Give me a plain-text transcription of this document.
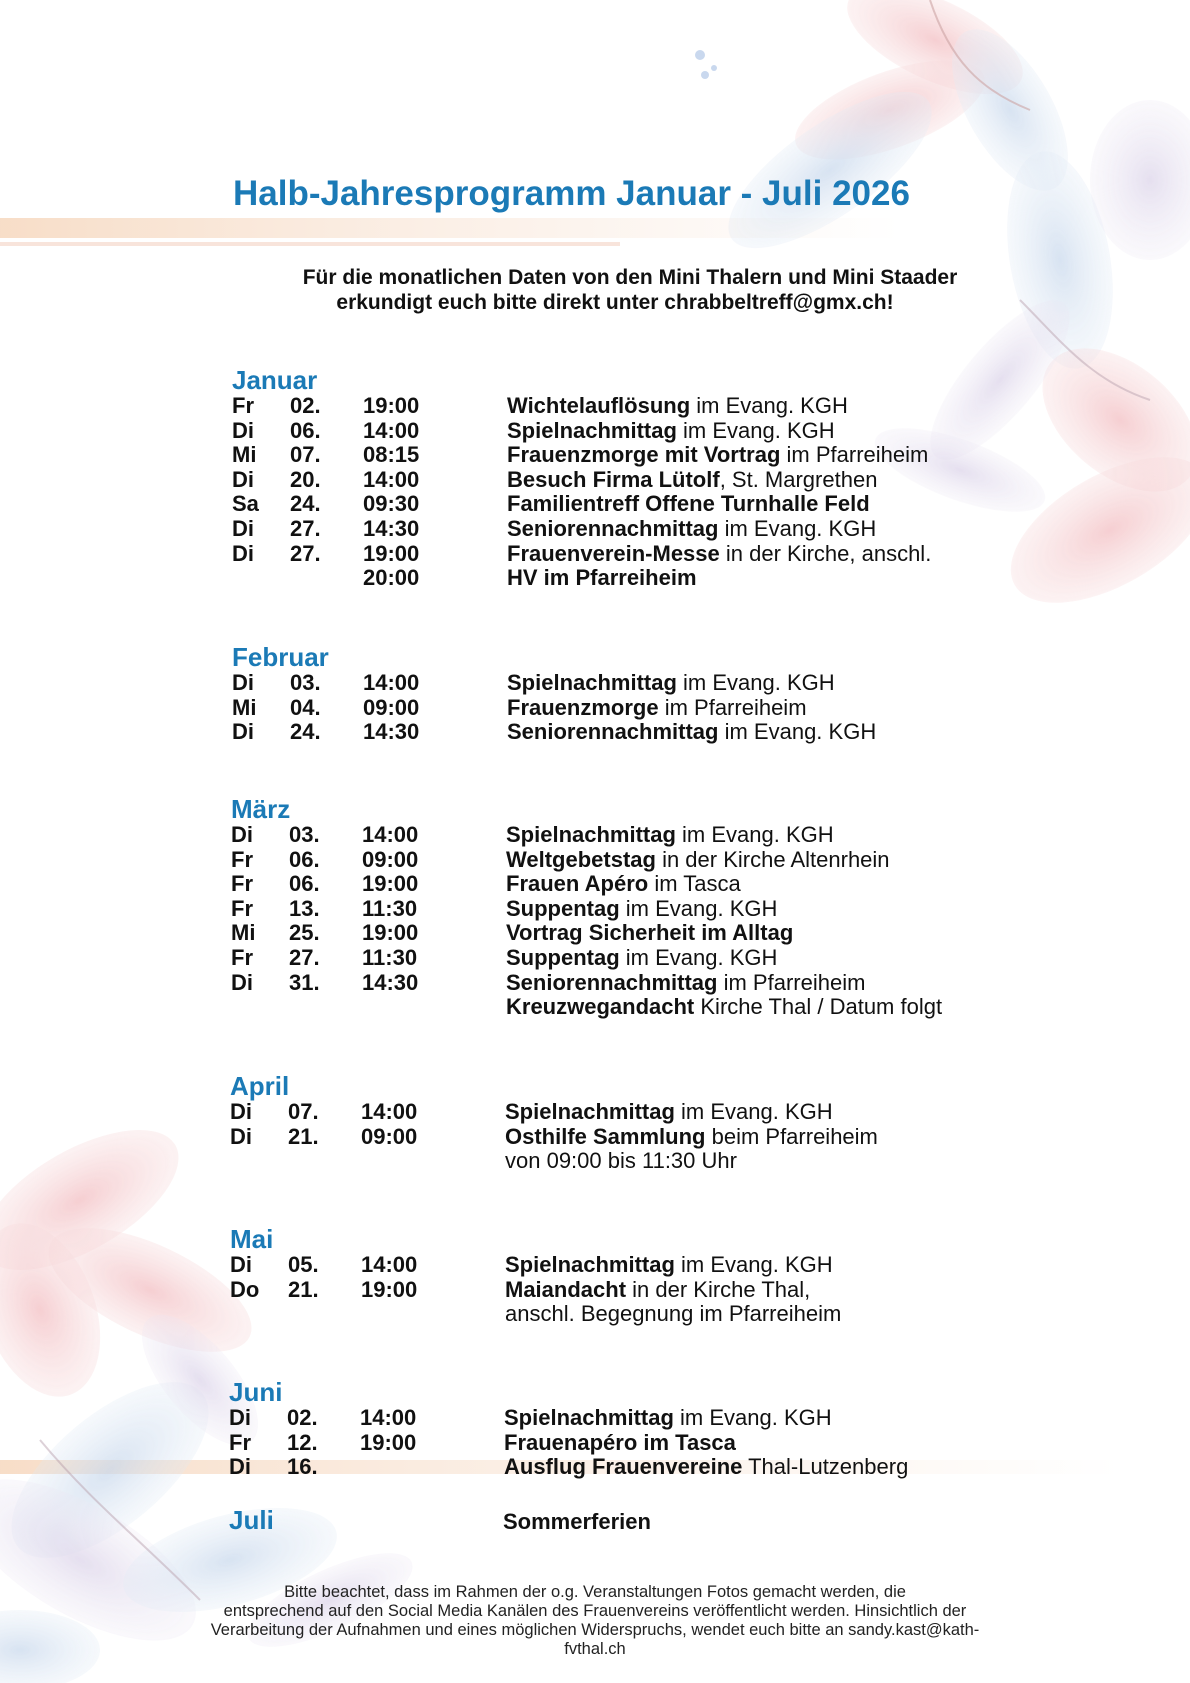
Halb-Jahresprogramm Januar - Juli 2026
Für die monatlichen Daten von den Mini Thalern und Mini Staader
erkundigt euch bitte direkt unter chrabbeltreff@gmx.ch!
Januar
Fr 02. 19:00	Wichtelauflösung im Evang. KGH
Di 06. 14:00	Spielnachmittag im Evang. KGH
Mi 07. 08:15	Frauenzmorge mit Vortrag im Pfarreiheim
Di 20. 14:00	Besuch Firma Lütolf, St. Margrethen
Sa 24. 09:30	Familientreff Offene Turnhalle Feld
Di 27. 14:30	Seniorennachmittag im Evang. KGH
Di 27. 19:00	Frauenverein-Messe in der Kirche, anschl.
20:00	HV im Pfarreiheim
Februar
Di 03. 14:00	Spielnachmittag im Evang. KGH
Mi 04. 09:00	Frauenzmorge im Pfarreiheim
Di 24. 14:30	Seniorennachmittag im Evang. KGH
März
Di 03. 14:00	Spielnachmittag im Evang. KGH
Fr 06. 09:00	Weltgebetstag in der Kirche Altenrhein
Fr 06. 19:00	Frauen Apéro im Tasca
Fr 13. 11:30	Suppentag im Evang. KGH
Mi 25. 19:00	Vortrag Sicherheit im Alltag
Fr 27. 11:30	Suppentag im Evang. KGH
Di 31. 14:30	Seniorennachmittag im Pfarreiheim
Kreuzwegandacht Kirche Thal / Datum folgt
April
Di 07. 14:00	Spielnachmittag im Evang. KGH
Di 21. 09:00	Osthilfe Sammlung beim Pfarreiheim
von 09:00 bis 11:30 Uhr
Mai
Di 05. 14:00	Spielnachmittag im Evang. KGH
Do 21. 19:00	Maiandacht in der Kirche Thal,
anschl. Begegnung im Pfarreiheim
Juni
Di 02. 14:00	Spielnachmittag im Evang. KGH
Fr 12. 19:00	Frauenapéro im Tasca
Di 16.	Ausflug Frauenvereine Thal-Lutzenberg
Juli	Sommerferien
Bitte beachtet, dass im Rahmen der o.g. Veranstaltungen Fotos gemacht werden, die
entsprechend auf den Social Media Kanälen des Frauenvereins veröffentlicht werden. Hinsichtlich der
Verarbeitung der Aufnahmen und eines möglichen Widerspruchs, wendet euch bitte an sandy.kast@kath-
fvthal.ch
